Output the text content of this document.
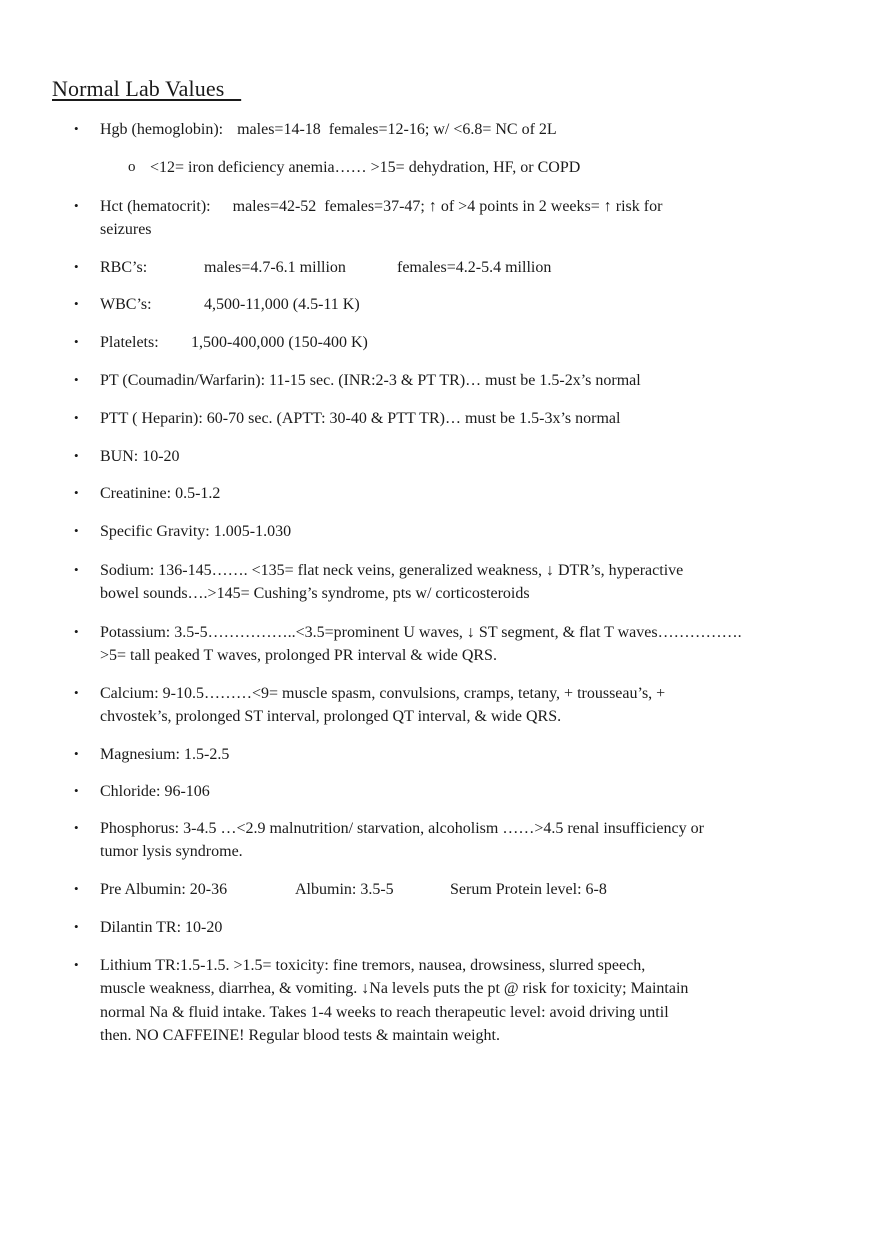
Normal Lab Values
• Hgb (hemoglobin): males=14-18 females=12-16; w/ <6.8= NC of 2L
o <12= iron deficiency anemia…… >15= dehydration, HF, or COPD
• Hct (hematocrit): males=42-52 females=37-47; ↑ of >4 points in 2 weeks= ↑ risk for
seizures
• RBC’s:	males=4.7-6.1 million	females=4.2-5.4 million
• WBC’s:	4,500-11,000 (4.5-11 K)
• Platelets: 1,500-400,000 (150-400 K)
• PT (Coumadin/Warfarin): 11-15 sec. (INR:2-3 & PT TR)… must be 1.5-2x’s normal
• PTT ( Heparin): 60-70 sec. (APTT: 30-40 & PTT TR)… must be 1.5-3x’s normal
• BUN: 10-20
• Creatinine: 0.5-1.2
• Specific Gravity: 1.005-1.030
• Sodium: 136-145……. <135= flat neck veins, generalized weakness, ↓ DTR’s, hyperactive
bowel sounds….>145= Cushing’s syndrome, pts w/ corticosteroids
• Potassium: 3.5-5……………..<3.5=prominent U waves, ↓ ST segment, & flat T waves…………….
>5= tall peaked T waves, prolonged PR interval & wide QRS.
• Calcium: 9-10.5………<9= muscle spasm, convulsions, cramps, tetany, + trousseau’s, +
chvostek’s, prolonged ST interval, prolonged QT interval, & wide QRS.
• Magnesium: 1.5-2.5
• Chloride: 96-106
• Phosphorus: 3-4.5 …<2.9 malnutrition/ starvation, alcoholism ……>4.5 renal insufficiency or
tumor lysis syndrome.
• Pre Albumin: 20-36	Albumin: 3.5-5	Serum Protein level: 6-8
• Dilantin TR: 10-20
• Lithium TR:1.5-1.5. >1.5= toxicity: fine tremors, nausea, drowsiness, slurred speech,
muscle weakness, diarrhea, & vomiting. ↓Na levels puts the pt @ risk for toxicity; Maintain
normal Na & fluid intake. Takes 1-4 weeks to reach therapeutic level: avoid driving until
then. NO CAFFEINE! Regular blood tests & maintain weight.
